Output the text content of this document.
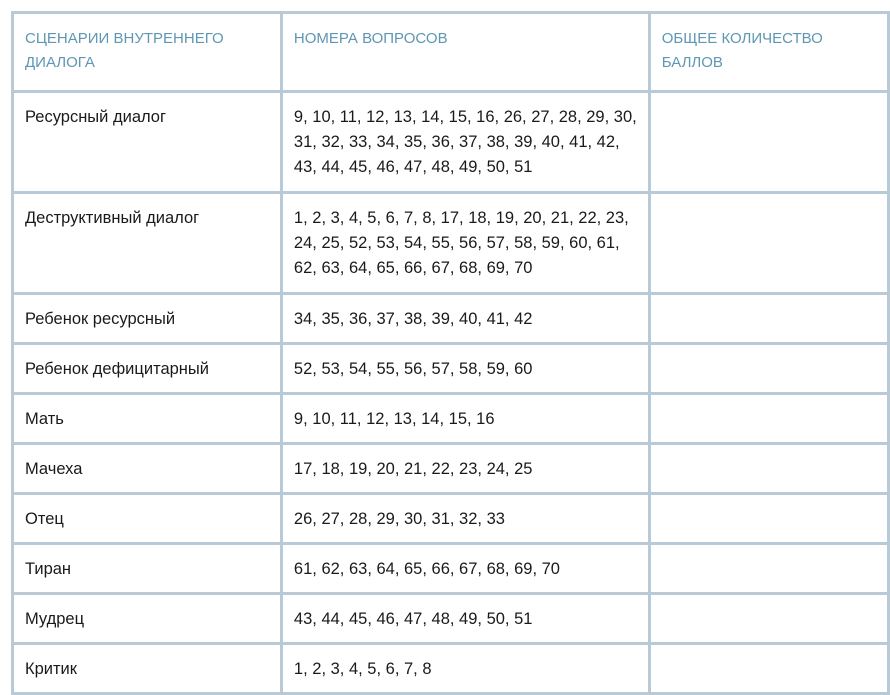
СЦЕНАРИИ ВНУТРЕННЕГО ДИАЛОГА	НОМЕРА ВОПРОСОВ	ОБЩЕЕ КОЛИЧЕСТВО БАЛЛОВ
Ресурсный диалог	9, 10, 11, 12, 13, 14, 15, 16, 26, 27, 28, 29, 30, 31, 32, 33, 34, 35, 36, 37, 38, 39, 40, 41, 42, 43, 44, 45, 46, 47, 48, 49, 50, 51	
Деструктивный диалог	1, 2, 3, 4, 5, 6, 7, 8, 17, 18, 19, 20, 21, 22, 23, 24, 25, 52, 53, 54, 55, 56, 57, 58, 59, 60, 61, 62, 63, 64, 65, 66, 67, 68, 69, 70	
Ребенок ресурсный	34, 35, 36, 37, 38, 39, 40, 41, 42	
Ребенок дефицитарный	52, 53, 54, 55, 56, 57, 58, 59, 60	
Мать	9, 10, 11, 12, 13, 14, 15, 16	
Мачеха	17, 18, 19, 20, 21, 22, 23, 24, 25	
Отец	26, 27, 28, 29, 30, 31, 32, 33	
Тиран	61, 62, 63, 64, 65, 66, 67, 68, 69, 70	
Мудрец	43, 44, 45, 46, 47, 48, 49, 50, 51	
Критик	1, 2, 3, 4, 5, 6, 7, 8	
